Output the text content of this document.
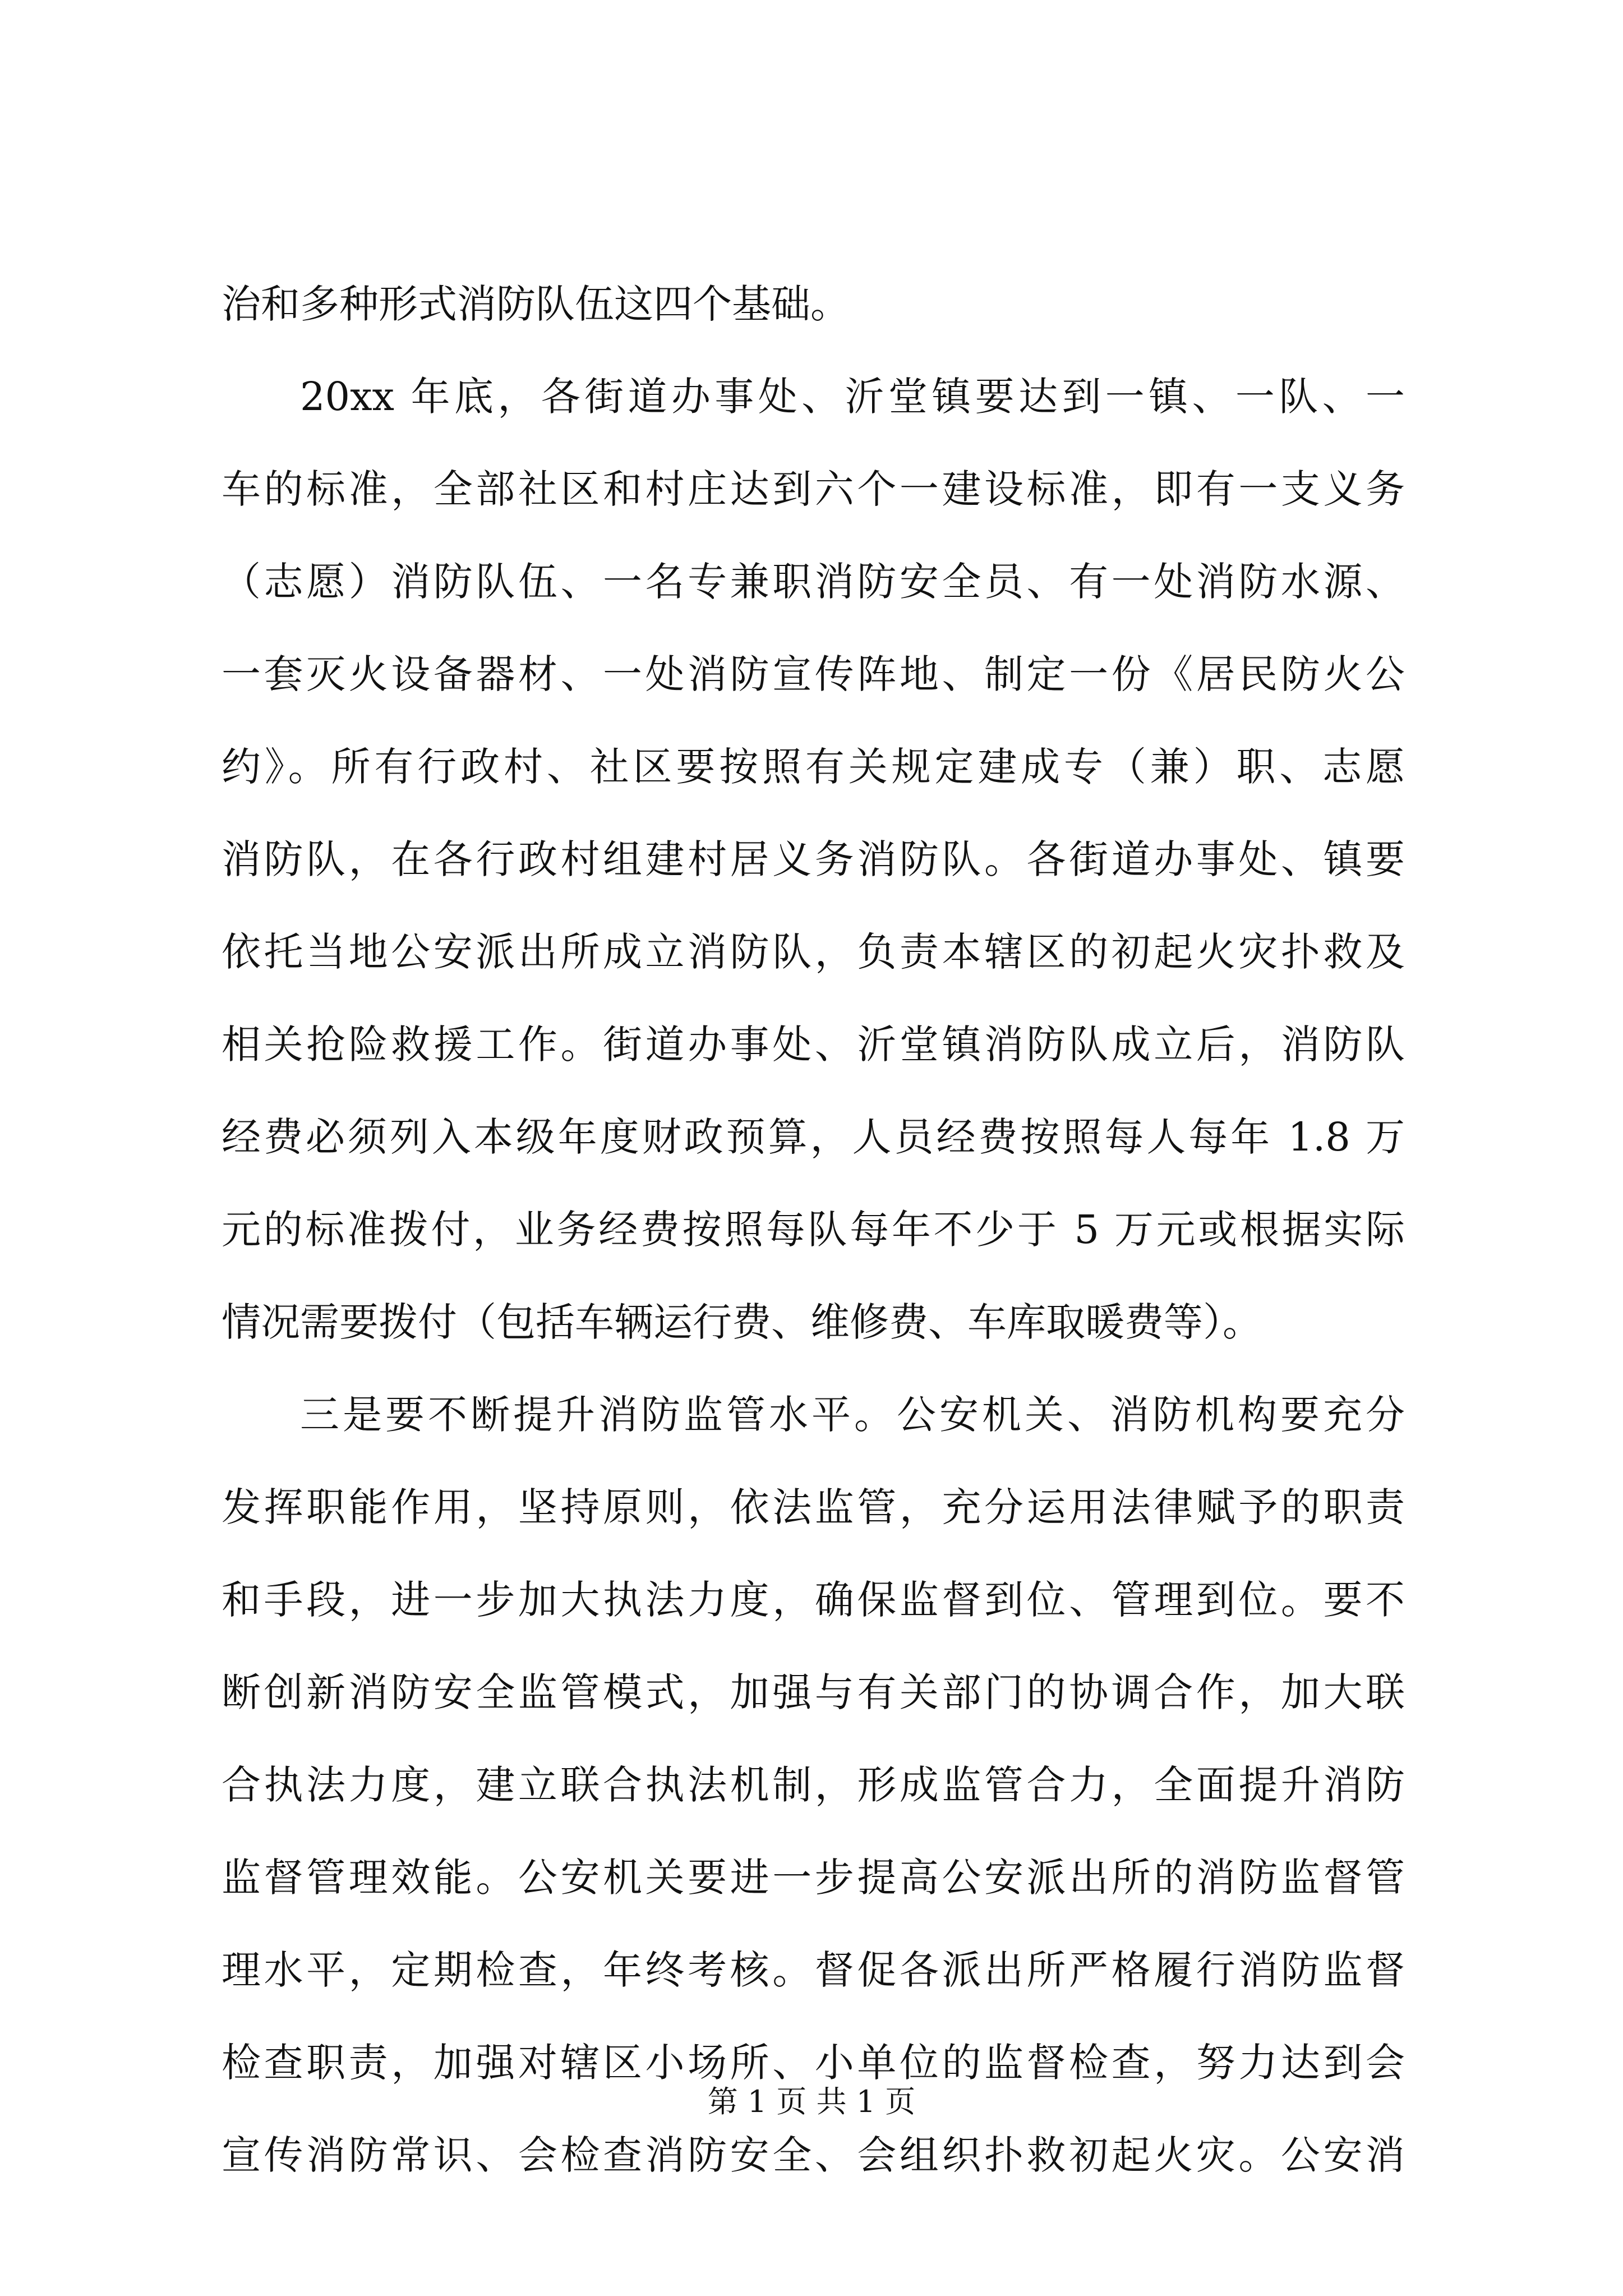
治和多种形式消防队伍这四个基础。
20xx 年底，各街道办事处、沂堂镇要达到一镇、一队、一
车的标准，全部社区和村庄达到六个一建设标准，即有一支义务
（志愿）消防队伍、一名专兼职消防安全员、有一处消防水源、
一套灭火设备器材、一处消防宣传阵地、制定一份《居民防火公
约》。所有行政村、社区要按照有关规定建成专（兼）职、志愿
消防队，在各行政村组建村居义务消防队。各街道办事处、镇要
依托当地公安派出所成立消防队，负责本辖区的初起火灾扑救及
相关抢险救援工作。街道办事处、沂堂镇消防队成立后，消防队
经费必须列入本级年度财政预算，人员经费按照每人每年 1.8 万
元的标准拨付，业务经费按照每队每年不少于 5 万元或根据实际
情况需要拨付（包括车辆运行费、维修费、车库取暖费等）。
三是要不断提升消防监管水平。公安机关、消防机构要充分
发挥职能作用，坚持原则，依法监管，充分运用法律赋予的职责
和手段，进一步加大执法力度，确保监督到位、管理到位。要不
断创新消防安全监管模式，加强与有关部门的协调合作，加大联
合执法力度，建立联合执法机制，形成监管合力，全面提升消防
监督管理效能。公安机关要进一步提高公安派出所的消防监督管
理水平，定期检查，年终考核。督促各派出所严格履行消防监督
检查职责，加强对辖区小场所、小单位的监督检查，努力达到会
宣传消防常识、会检查消防安全、会组织扑救初起火灾。公安消
第 1 页 共 1 页
